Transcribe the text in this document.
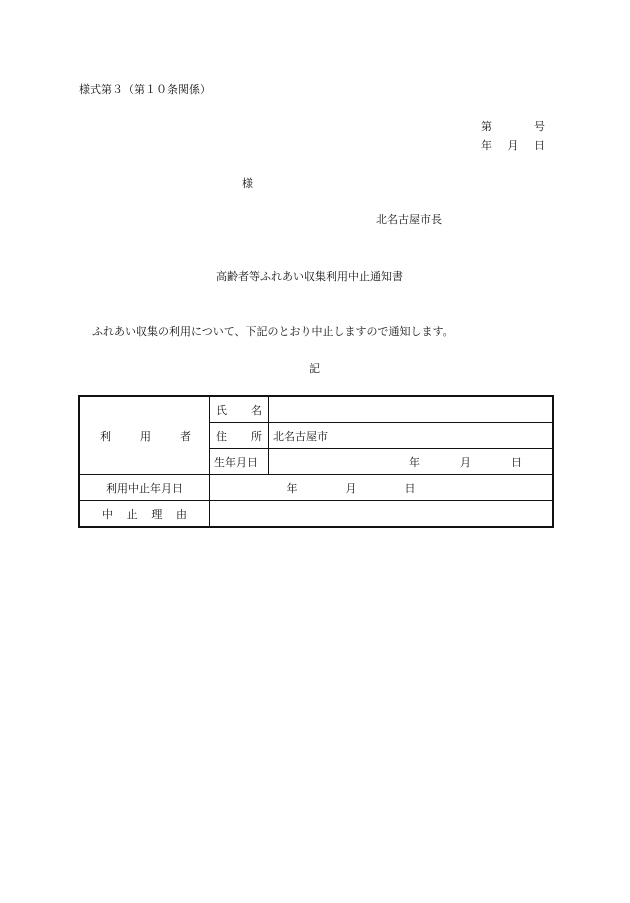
様式第３（第１０条関係）
第	号
年 月 日
様
北名古屋市長
高齢者等ふれあい収集利用中止通知書
ふれあい収集の利用について、下記のとおり中止しますので通知します。
記
利 用 者	氏 名	

	住 所	北名古屋市
	生年月日	年 月 日

利用中止年月日	年 月 日	

中 止 理 由		
